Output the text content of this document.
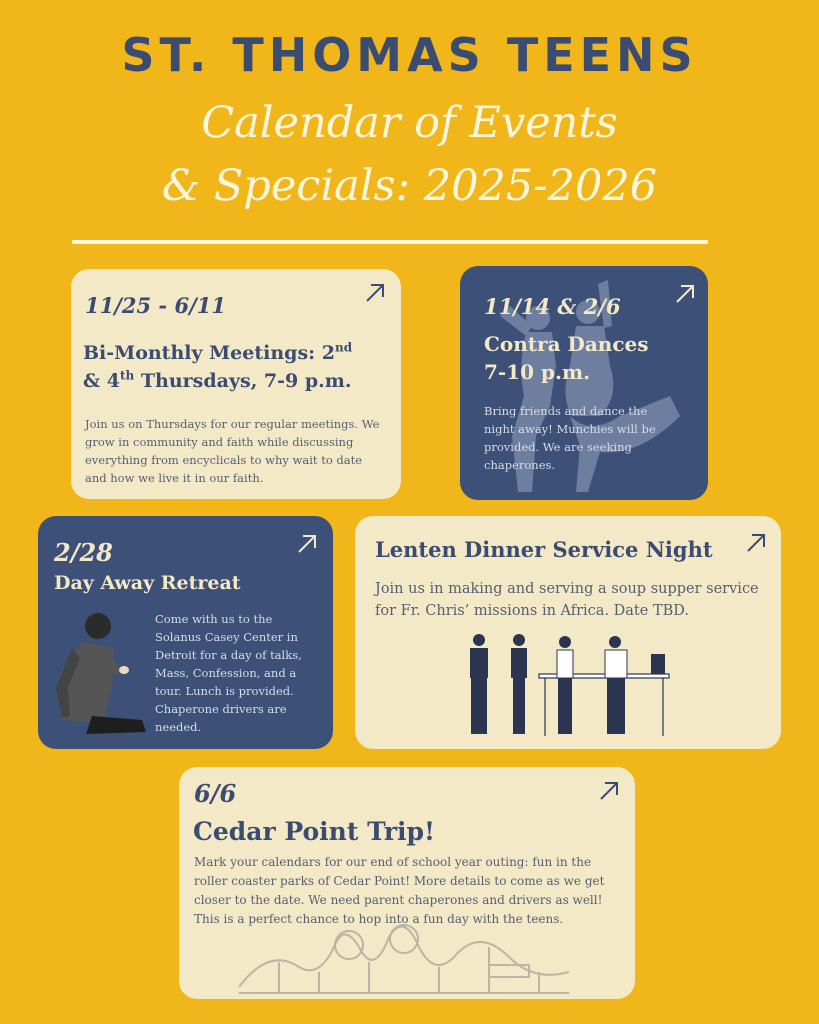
ST. THOMAS TEENS
Calendar of Events
& Specials: 2025-2026
11/25 - 6/11
Bi-Monthly Meetings: 2nd
& 4th Thursdays, 7-9 p.m.
Join us on Thursdays for our regular meetings. We grow in community and faith while discussing everything from encyclicals to why wait to date and how we live it in our faith.
11/14 & 2/6
Contra Dances
7-10 p.m.
Bring friends and dance the night away! Munchies will be provided. We are seeking chaperones.
2/28
Day Away Retreat
Come with us to the Solanus Casey Center in Detroit for a day of talks, Mass, Confession, and a tour. Lunch is provided. Chaperone drivers are needed.
Lenten Dinner Service Night
Join us in making and serving a soup supper service for Fr. Chris’ missions in Africa. Date TBD.
6/6
Cedar Point Trip!
Mark your calendars for our end of school year outing: fun in the roller coaster parks of Cedar Point! More details to come as we get closer to the date. We need parent chaperones and drivers as well! This is a perfect chance to hop into a fun day with the teens.
